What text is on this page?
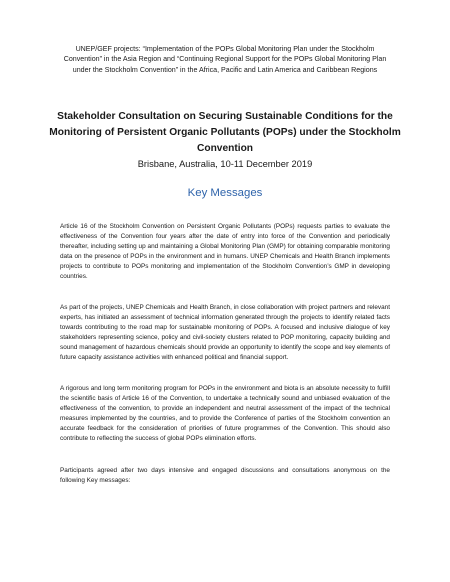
UNEP/GEF projects: “Implementation of the POPs Global Monitoring Plan under the Stockholm Convention” in the Asia Region and “Continuing Regional Support for the POPs Global Monitoring Plan under the Stockholm Convention” in the Africa, Pacific and Latin America and Caribbean Regions
Stakeholder Consultation on Securing Sustainable Conditions for the Monitoring of Persistent Organic Pollutants (POPs) under the Stockholm Convention
Brisbane, Australia, 10-11 December 2019
Key Messages

Article 16 of the Stockholm Convention on Persistent Organic Pollutants (POPs) requests parties to evaluate the effectiveness of the Convention four years after the date of entry into force of the Convention and periodically thereafter, including setting up and maintaining a Global Monitoring Plan (GMP) for obtaining comparable monitoring data on the presence of POPs in the environment and in humans. UNEP Chemicals and Health Branch implements projects to contribute to POPs monitoring and implementation of the Stockholm Convention’s GMP in developing countries.

As part of the projects, UNEP Chemicals and Health Branch, in close collaboration with project partners and relevant experts, has initiated an assessment of technical information generated through the projects to identify related facts towards contributing to the road map for sustainable monitoring of POPs. A focused and inclusive dialogue of key stakeholders representing science, policy and civil-society clusters related to POP monitoring, capacity building and sound management of hazardous chemicals should provide an opportunity to identify the scope and key elements of future capacity assistance activities with enhanced political and financial support.

A rigorous and long term monitoring program for POPs in the environment and biota is an absolute necessity to fulfill the scientific basis of Article 16 of the Convention, to undertake a technically sound and unbiased evaluation of the effectiveness of the convention, to provide an independent and neutral assessment of the impact of the technical measures implemented by the countries, and to provide the Conference of parties of the Stockholm convention an accurate feedback for the consideration of priorities of future programmes of the Convention. This should also contribute to reflecting the success of global POPs elimination efforts.

Participants agreed after two days intensive and engaged discussions and consultations anonymous on the following Key messages:
